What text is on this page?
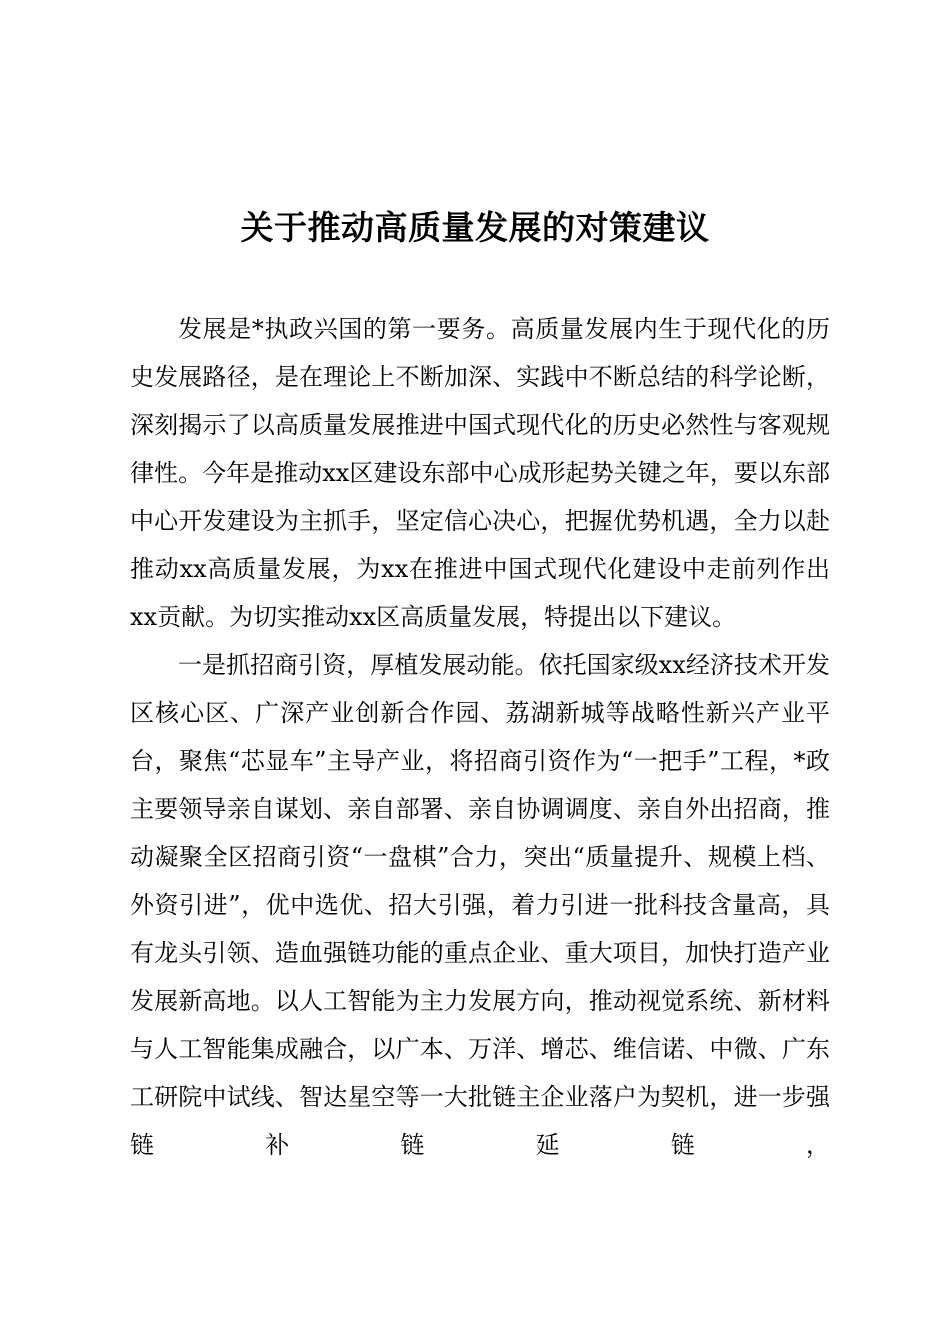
关于推动高质量发展的对策建议

发展是*执政兴国的第一要务。高质量发展内生于现代化的历史发展路径，是在理论上不断加深、实践中不断总结的科学论断，深刻揭示了以高质量发展推进中国式现代化的历史必然性与客观规律性。今年是推动xx区建设东部中心成形起势关键之年，要以东部中心开发建设为主抓手，坚定信心决心，把握优势机遇，全力以赴推动xx高质量发展，为xx在推进中国式现代化建设中走前列作出xx贡献。为切实推动xx区高质量发展，特提出以下建议。

一是抓招商引资，厚植发展动能。依托国家级xx经济技术开发区核心区、广深产业创新合作园、荔湖新城等战略性新兴产业平台，聚焦“芯显车”主导产业，将招商引资作为“一把手”工程，*政主要领导亲自谋划、亲自部署、亲自协调调度、亲自外出招商，推动凝聚全区招商引资“一盘棋”合力，突出“质量提升、规模上档、外资引进”，优中选优、招大引强，着力引进一批科技含量高，具有龙头引领、造血强链功能的重点企业、重大项目，加快打造产业发展新高地。以人工智能为主力发展方向，推动视觉系统、新材料与人工智能集成融合，以广本、万洋、增芯、维信诺、中微、广东工研院中试线、智达星空等一大批链主企业落户为契机，进一步强链补链延链，
